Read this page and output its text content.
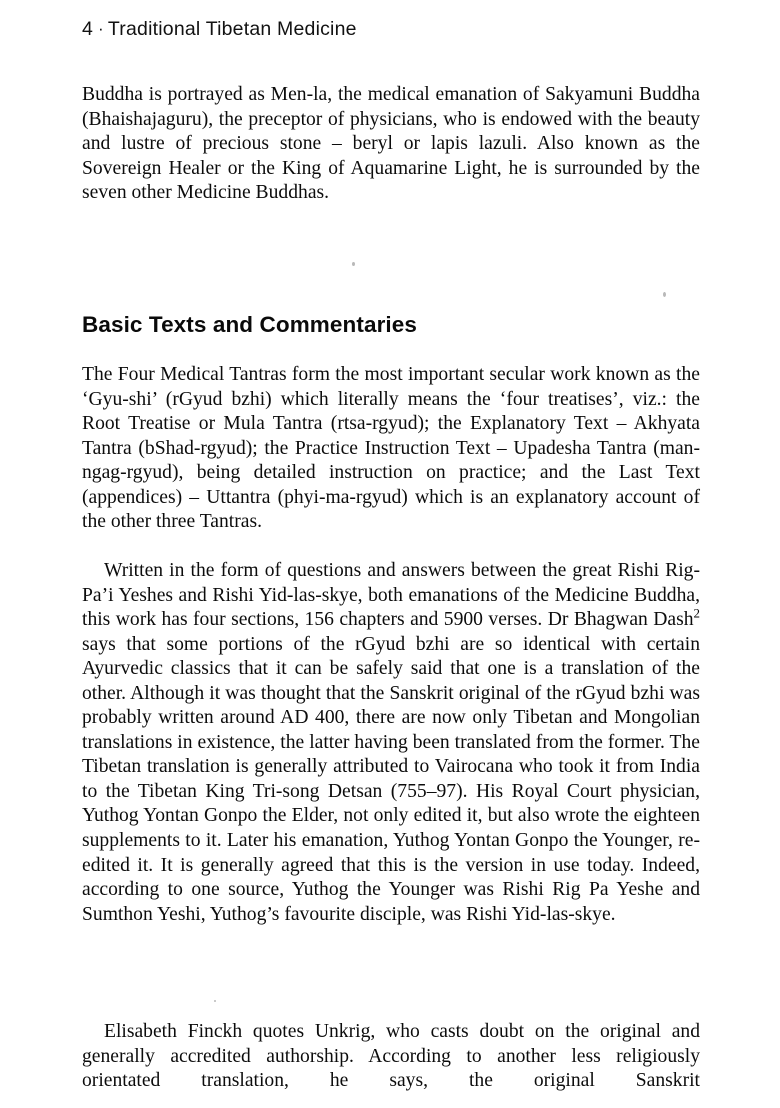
4 · Traditional Tibetan Medicine

Buddha is portrayed as Men-la, the medical emanation of Sakyamuni Buddha (Bhaishajaguru), the preceptor of physicians, who is endowed with the beauty and lustre of precious stone – beryl or lapis lazuli. Also known as the Sovereign Healer or the King of Aquamarine Light, he is surrounded by the seven other Medicine Buddhas.

Basic Texts and Commentaries

The Four Medical Tantras form the most important secular work known as the ‘Gyu-shi’ (rGyud bzhi) which literally means the ‘four treatises’, viz.: the Root Treatise or Mula Tantra (rtsa-rgyud); the Explanatory Text – Akhyata Tantra (bShad-rgyud); the Practice Instruction Text – Upadesha Tantra (man-ngag-rgyud), being detailed instruction on practice; and the Last Text (appendices) – Uttantra (phyi-ma-rgyud) which is an explanatory account of the other three Tantras.

Written in the form of questions and answers between the great Rishi Rig-Pa’i Yeshes and Rishi Yid-las-skye, both emanations of the Medicine Buddha, this work has four sections, 156 chapters and 5900 verses. Dr Bhagwan Dash$^2$ says that some portions of the rGyud bzhi are so identical with certain Ayurvedic classics that it can be safely said that one is a translation of the other. Although it was thought that the Sanskrit original of the rGyud bzhi was probably written around AD 400, there are now only Tibetan and Mongolian translations in existence, the latter having been translated from the former. The Tibetan translation is generally attributed to Vairocana who took it from India to the Tibetan King Tri-song Detsan (755–97). His Royal Court physician, Yuthog Yontan Gonpo the Elder, not only edited it, but also wrote the eighteen supplements to it. Later his emanation, Yuthog Yontan Gonpo the Younger, re-edited it. It is generally agreed that this is the version in use today. Indeed, according to one source, Yuthog the Younger was Rishi Rig Pa Yeshe and Sumthon Yeshi, Yuthog’s favourite disciple, was Rishi Yid-las-skye.

Elisabeth Finckh quotes Unkrig, who casts doubt on the original and generally accredited authorship. According to another less religiously orientated translation, he says, the original Sanskrit
